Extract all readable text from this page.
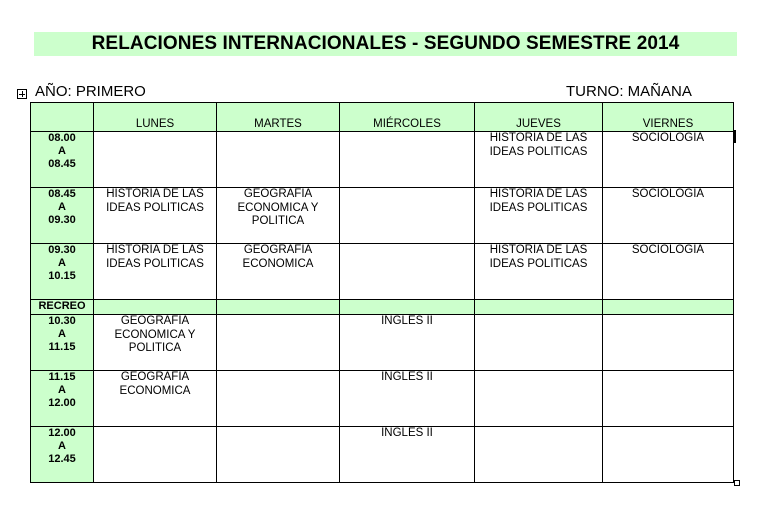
RELACIONES INTERNACIONALES - SEGUNDO SEMESTRE 2014
AÑO: PRIMERO	TURNO: MAÑANA

	LUNES	MARTES	MIÉRCOLES	JUEVES	VIERNES

08.00
A
08.45				HISTORIA DE LAS IDEAS POLITICAS	SOCIOLOGIA

08.45
A
09.30	HISTORIA DE LAS IDEAS POLITICAS	GEOGRAFIA ECONOMICA Y POLITICA		HISTORIA DE LAS IDEAS POLITICAS	SOCIOLOGIA

09.30
A
10.15	HISTORIA DE LAS IDEAS POLITICAS	GEOGRAFIA ECONOMICA		HISTORIA DE LAS IDEAS POLITICAS	SOCIOLOGIA

RECREO					

10.30
A
11.15	GEOGRAFIA ECONOMICA Y POLITICA		INGLES II		

11.15
A
12.00	GEOGRAFIA ECONOMICA		INGLES II		

12.00
A
12.45			INGLES II		
